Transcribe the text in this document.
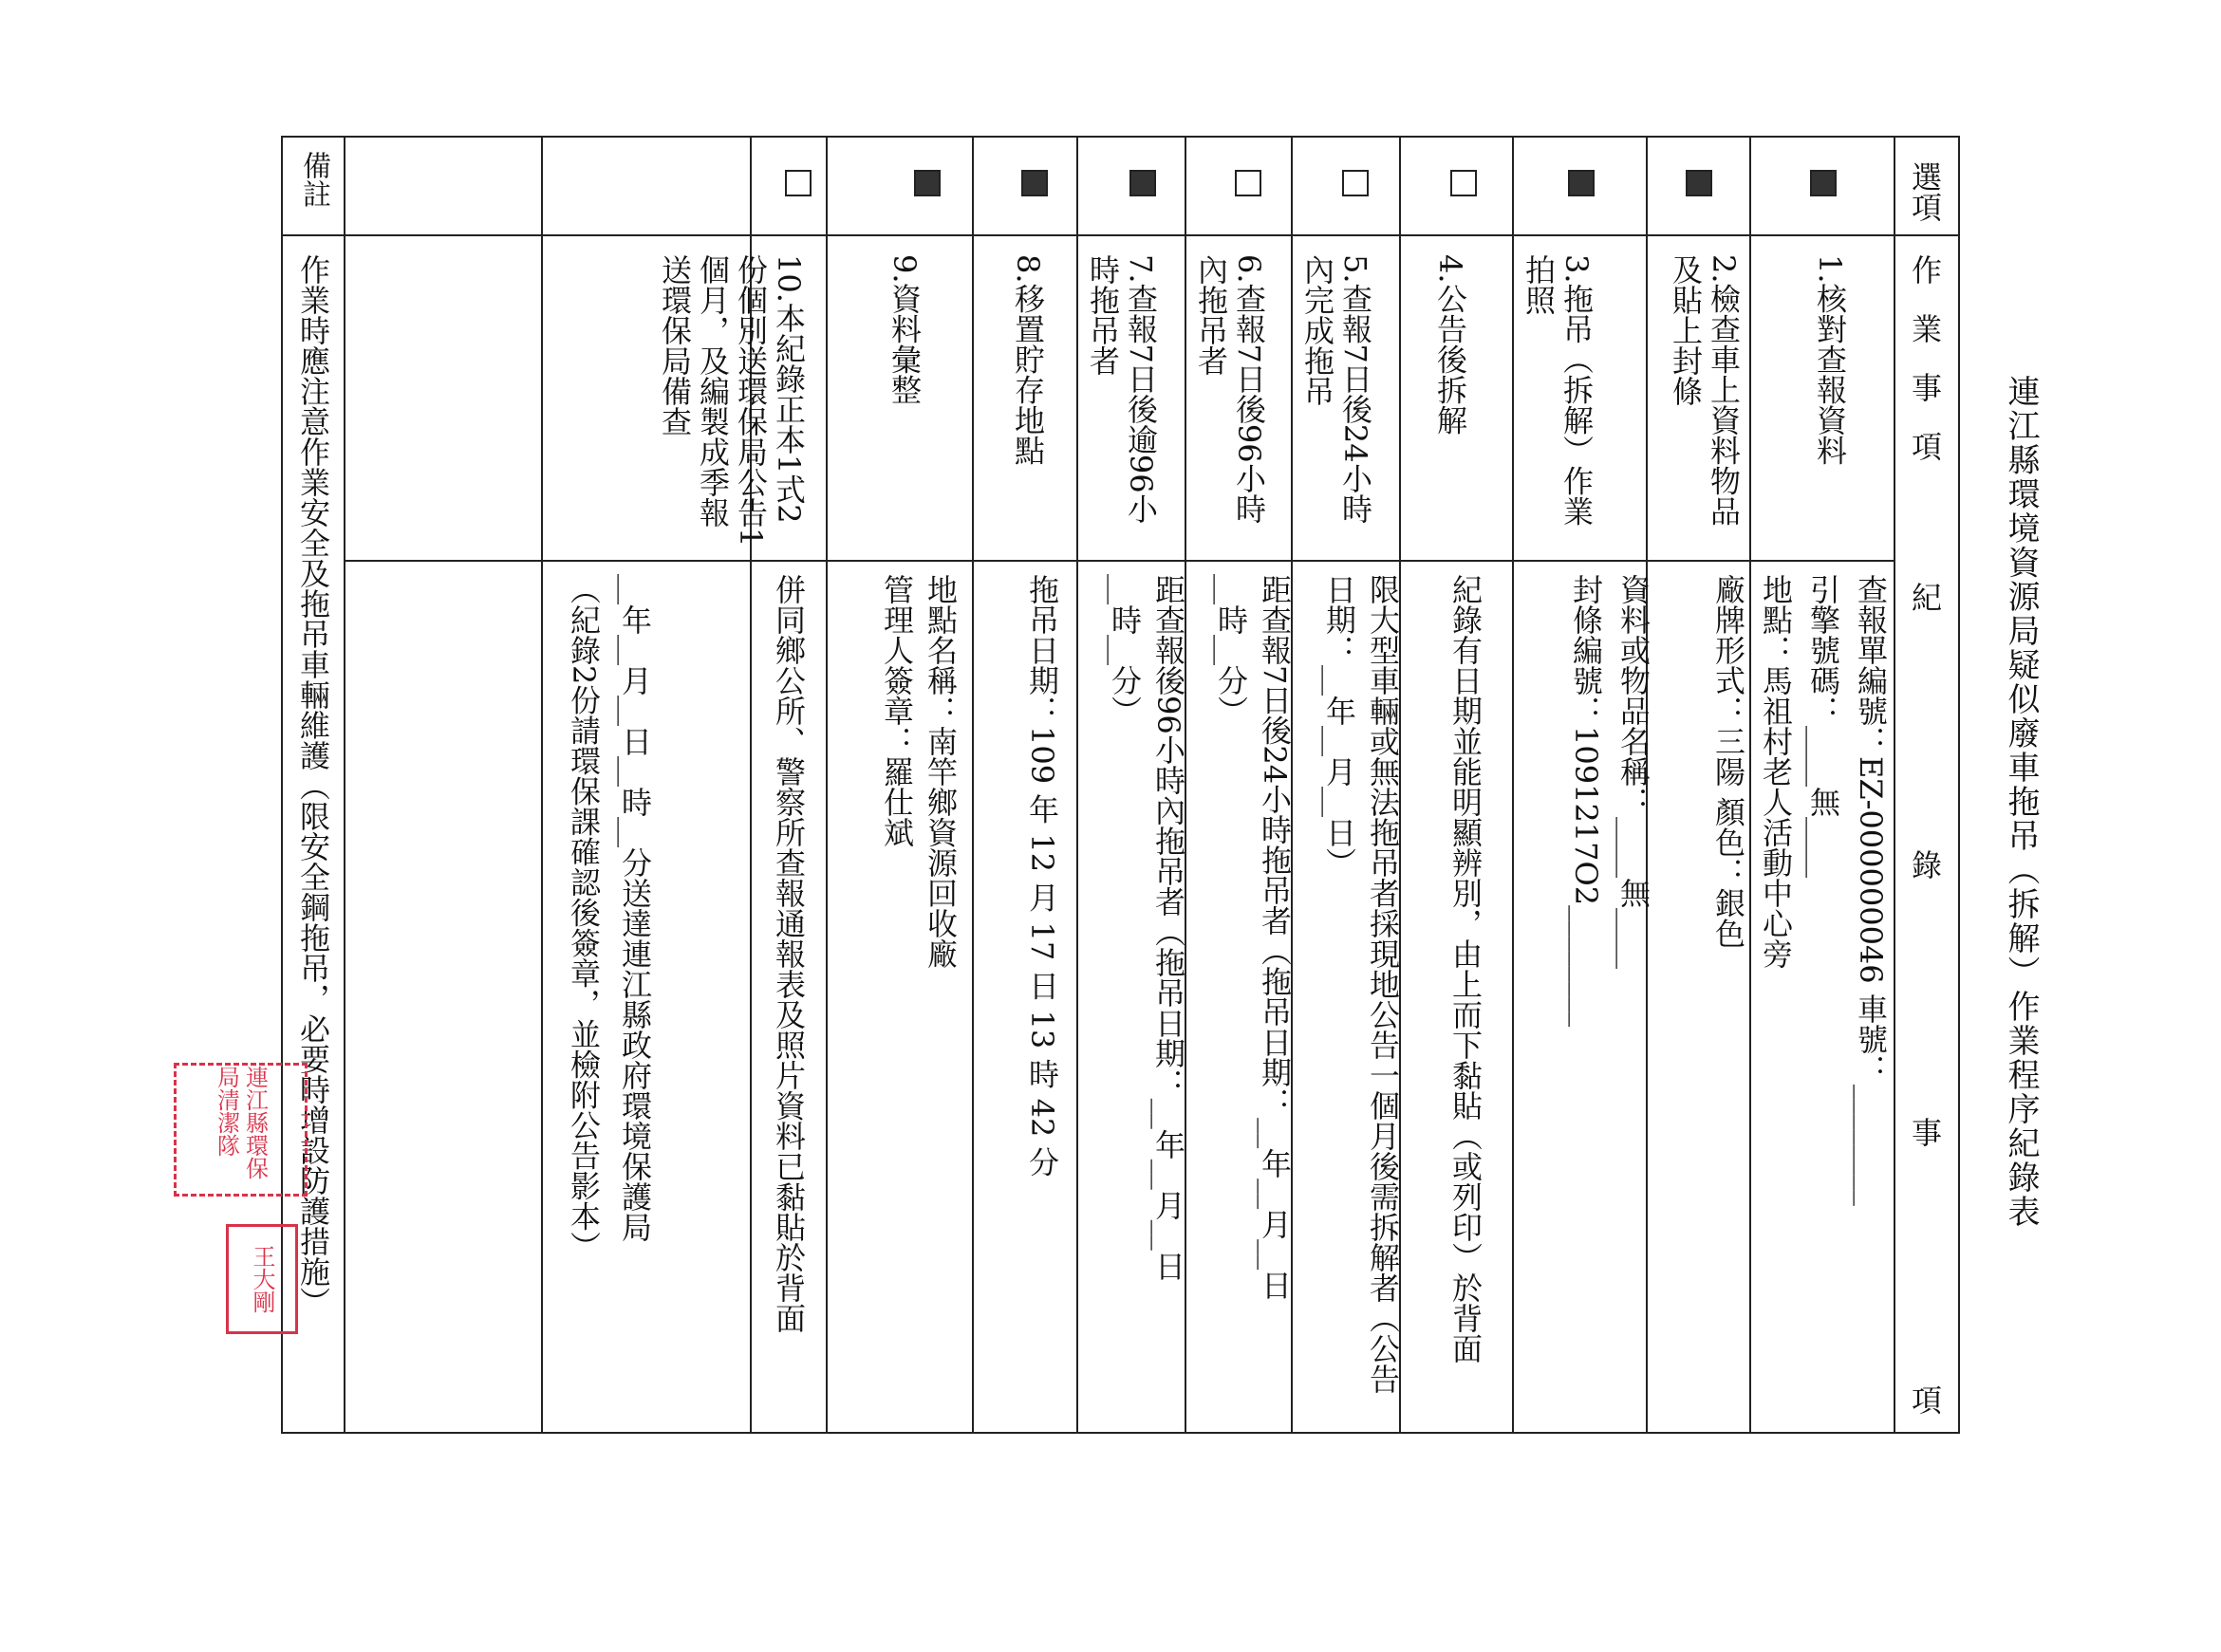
連江縣環境資源局疑似廢車拖吊（拆解）作業程序紀錄表
選項
作業事項
紀錄事項
1.核對查報資料
2.檢查車上資料物品及貼上封條
3.拖吊（拆解）作業拍照
4.公告後拆解
5.查報7日後24小時內完成拖吊
6.查報7日後96小時內拖吊者
7.查報7日後逾96小時拖吊者
8.移置貯存地點
9.資料彙整
10.本紀錄正本1式2份個別送環保局公告1個月，及編製成季報送環保局備查
查報單編號：EZ-000000046 車號：________
引擎號碼：____無____
地點：馬祖村老人活動中心旁
廠牌形式：三陽 顏色：銀色
資料或物品名稱：____無____
封條編號：1091217O2________
紀錄有日期並能明顯辨別，由上而下黏貼（或列印）於背面
限大型車輛或無法拖吊者採現地公告一個月後需拆解者（公告
日期：__年__月__日）
距查報7日後24小時拖吊者（拖吊日期：__年__月__日
__時__分）
距查報後96小時內拖吊者（拖吊日期：__年__月__日
__時__分）
拖吊日期：109 年 12 月 17 日 13 時 42 分
地點名稱：南竿鄉資源回收廠
管理人簽章：羅仕斌
併同鄉公所、警察所查報通報表及照片資料已黏貼於背面
__年__月__日__時__分送達連江縣政府環境保護局
（紀錄2份請環保課確認後簽章，並檢附公告影本）
備註
作業時應注意作業安全及拖吊車輛維護（限安全鋼拖吊，必要時增設防護措施）
連江縣環保局清潔隊
王大剛
